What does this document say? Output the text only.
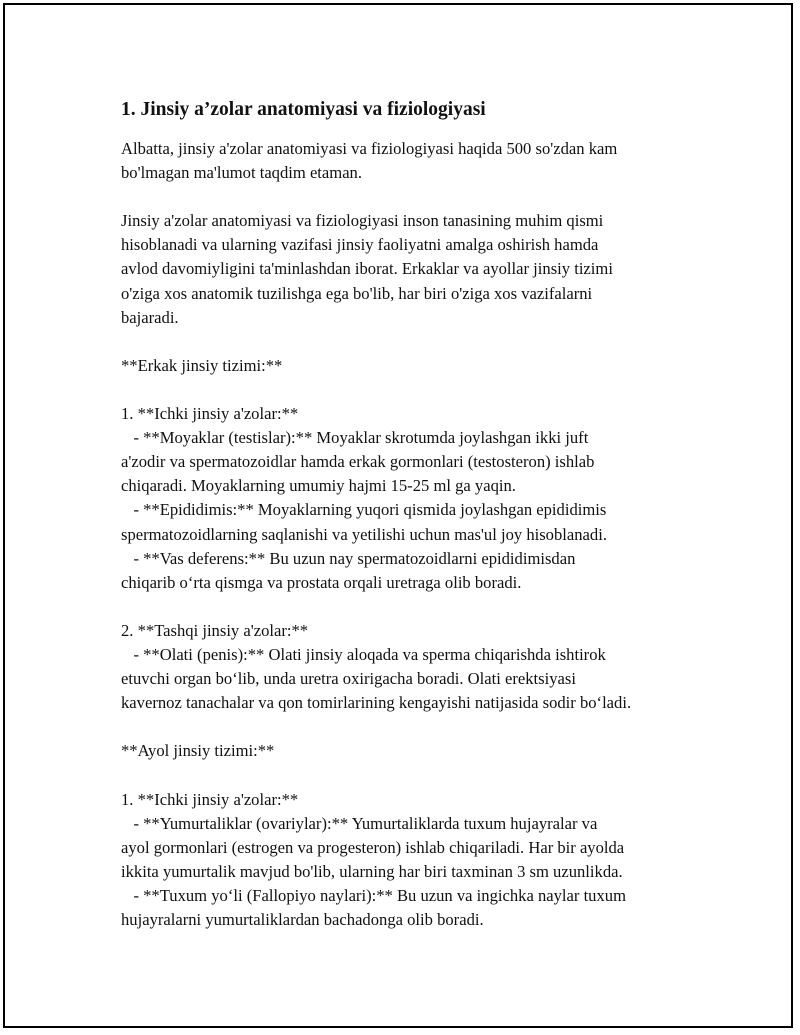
1. Jinsiy a’zolar anatomiyasi va fiziologiyasi
Albatta, jinsiy a'zolar anatomiyasi va fiziologiyasi haqida 500 so'zdan kam
bo'lmagan ma'lumot taqdim etaman.
Jinsiy a'zolar anatomiyasi va fiziologiyasi inson tanasining muhim qismi
hisoblanadi va ularning vazifasi jinsiy faoliyatni amalga oshirish hamda
avlod davomiyligini ta'minlashdan iborat. Erkaklar va ayollar jinsiy tizimi
o'ziga xos anatomik tuzilishga ega bo'lib, har biri o'ziga xos vazifalarni
bajaradi.
**Erkak jinsiy tizimi:**
1. **Ichki jinsiy a'zolar:**
- **Moyaklar (testislar):** Moyaklar skrotumda joylashgan ikki juft
a'zodir va spermatozoidlar hamda erkak gormonlari (testosteron) ishlab
chiqaradi. Moyaklarning umumiy hajmi 15-25 ml ga yaqin.
- **Epididimis:** Moyaklarning yuqori qismida joylashgan epididimis
spermatozoidlarning saqlanishi va yetilishi uchun mas'ul joy hisoblanadi.
- **Vas deferens:** Bu uzun nay spermatozoidlarni epididimisdan
chiqarib oʻrta qismga va prostata orqali uretraga olib boradi.
2. **Tashqi jinsiy a'zolar:**
- **Olati (penis):** Olati jinsiy aloqada va sperma chiqarishda ishtirok
etuvchi organ boʻlib, unda uretra oxirigacha boradi. Olati erektsiyasi
kavernoz tanachalar va qon tomirlarining kengayishi natijasida sodir boʻladi.
**Ayol jinsiy tizimi:**
1. **Ichki jinsiy a'zolar:**
- **Yumurtaliklar (ovariylar):** Yumurtaliklarda tuxum hujayralar va
ayol gormonlari (estrogen va progesteron) ishlab chiqariladi. Har bir ayolda
ikkita yumurtalik mavjud bo'lib, ularning har biri taxminan 3 sm uzunlikda.
- **Tuxum yoʻli (Fallopiyo naylari):** Bu uzun va ingichka naylar tuxum
hujayralarni yumurtaliklardan bachadonga olib boradi.
